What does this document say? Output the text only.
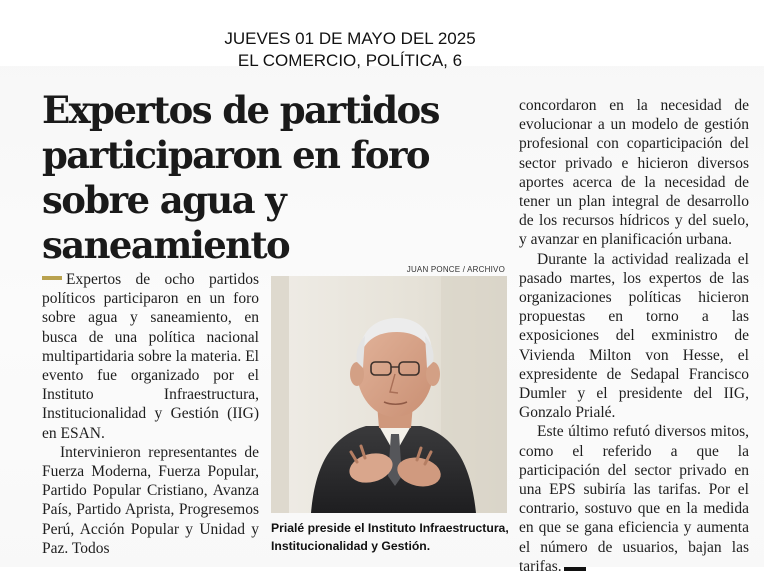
JUEVES 01 DE MAYO DEL 2025
EL COMERCIO, POLÍTICA, 6
Expertos de partidos participaron en foro sobre agua y saneamiento

Expertos de ocho partidos políticos participaron en un foro sobre agua y saneamiento, en busca de una política nacional multipartidaria sobre la materia. El evento fue organizado por el Instituto Infraestructura, Institucionalidad y Gestión (IIG) en ESAN.

Intervinieron representantes de Fuerza Moderna, Fuerza Popular, Partido Popular Cristiano, Avanza País, Partido Aprista, Progresemos Perú, Acción Popular y Unidad y Paz. Todos

JUAN PONCE / ARCHIVO

Prialé preside el Instituto Infraestructura, Institucionalidad y Gestión.

concordaron en la necesidad de evolucionar a un modelo de gestión profesional con coparticipación del sector privado e hicieron diversos aportes acerca de la necesidad de tener un plan integral de desarrollo de los recursos hídricos y del suelo, y avanzar en planificación urbana.

Durante la actividad realizada el pasado martes, los expertos de las organizaciones políticas hicieron propuestas en torno a las exposiciones del exministro de Vivienda Milton von Hesse, el expresidente de Sedapal Francisco Dumler y el presidente del IIG, Gonzalo Prialé.

Este último refutó diversos mitos, como el referido a que la participación del sector privado en una EPS subiría las tarifas. Por el contrario, sostuvo que en la medida en que se gana eficiencia y aumenta el número de usuarios, bajan las tarifas.
